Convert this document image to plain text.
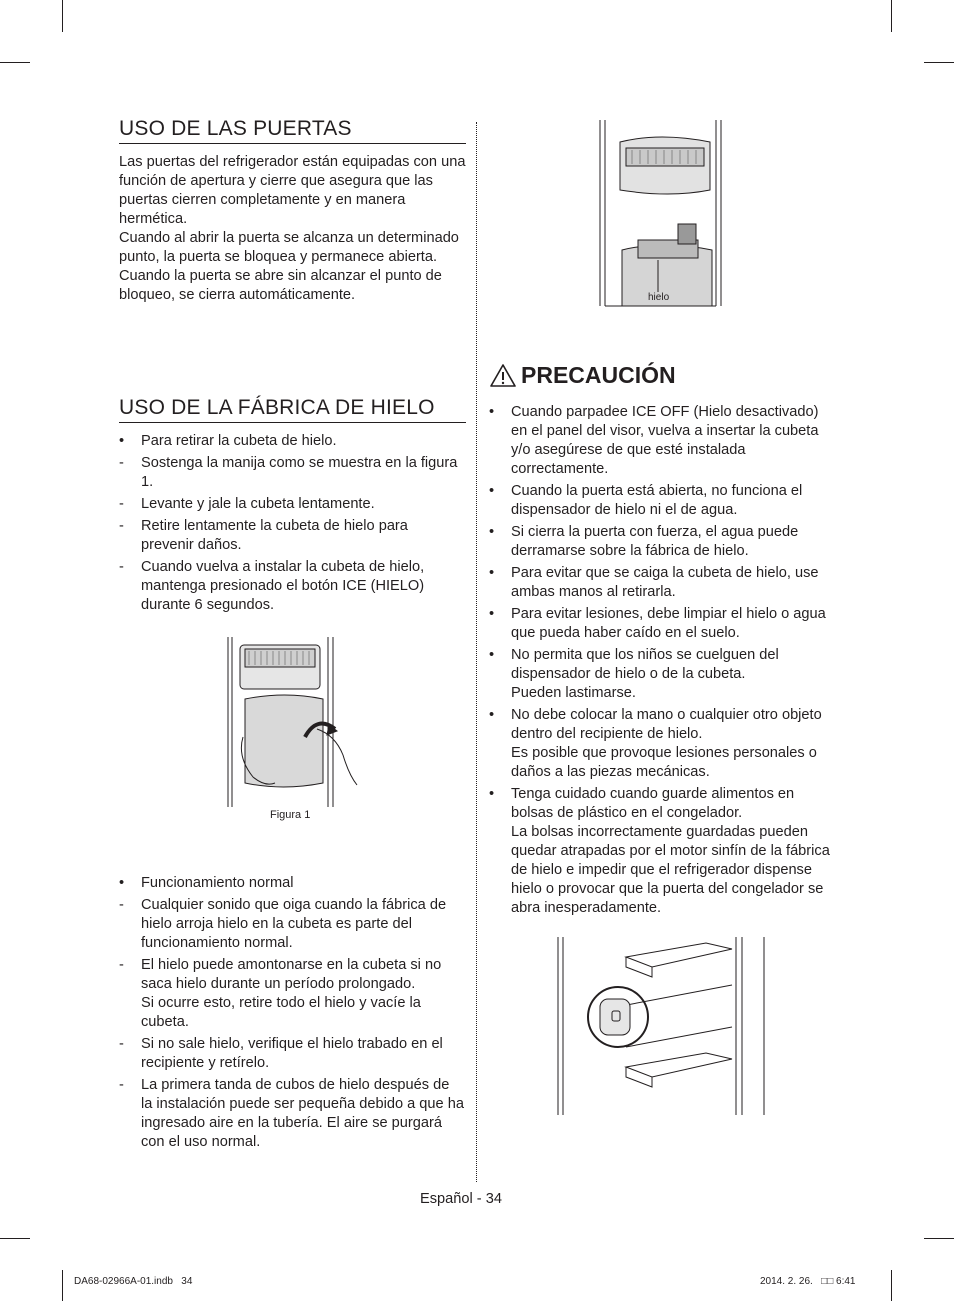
USO DE LAS PUERTAS

Las puertas del refrigerador están equipadas con una función de apertura y cierre que asegura que las puertas cierren completamente y en manera hermética.

Cuando al abrir la puerta se alcanza un determinado punto, la puerta se bloquea y permanece abierta.

Cuando la puerta se abre sin alcanzar el punto de bloqueo, se cierra automáticamente.

USO DE LA FÁBRICA DE HIELO
•	Para retirar la cubeta de hielo.
-	Sostenga la manija como se muestra en la figura 1.
-	Levante y jale la cubeta lentamente.
-	Retire lentamente la cubeta de hielo para prevenir daños.
-	Cuando vuelva a instalar la cubeta de hielo, mantenga presionado el botón ICE (HIELO) durante 6 segundos.
Figura 1
•	Funcionamiento normal
-	Cualquier sonido que oiga cuando la fábrica de hielo arroja hielo en la cubeta es parte del funcionamiento normal.
-	El hielo puede amontonarse en la cubeta si no saca hielo durante un período prolongado.
Si ocurre esto, retire todo el hielo y vacíe la cubeta.
-	Si no sale hielo, verifique el hielo trabado en el recipiente y retírelo.
-	La primera tanda de cubos de hielo después de la instalación puede ser pequeña debido a que ha ingresado aire en la tubería. El aire se purgará con el uso normal.
hielo
PRECAUCIÓN
•	Cuando parpadee ICE OFF (Hielo desactivado) en el panel del visor, vuelva a insertar la cubeta y/o asegúrese de que esté instalada correctamente.
•	Cuando la puerta está abierta, no funciona el dispensador de hielo ni el de agua.
•	Si cierra la puerta con fuerza, el agua puede derramarse sobre la fábrica de hielo.
•	Para evitar que se caiga la cubeta de hielo, use ambas manos al retirarla.
•	Para evitar lesiones, debe limpiar el hielo o agua que pueda haber caído en el suelo.
•	No permita que los niños se cuelguen del dispensador de hielo o de la cubeta.
Pueden lastimarse.
•	No debe colocar la mano o cualquier otro objeto dentro del recipiente de hielo.
Es posible que provoque lesiones personales o daños a las piezas mecánicas.
•	Tenga cuidado cuando guarde alimentos en bolsas de plástico en el congelador.
La bolsas incorrectamente guardadas pueden quedar atrapadas por el motor sinfín de la fábrica de hielo e impedir que el refrigerador dispense hielo o provocar que la puerta del congelador se abra inesperadamente.
Español - 34
DA68-02966A-01.indb   34	2014. 2. 26.   □□ 6:41
